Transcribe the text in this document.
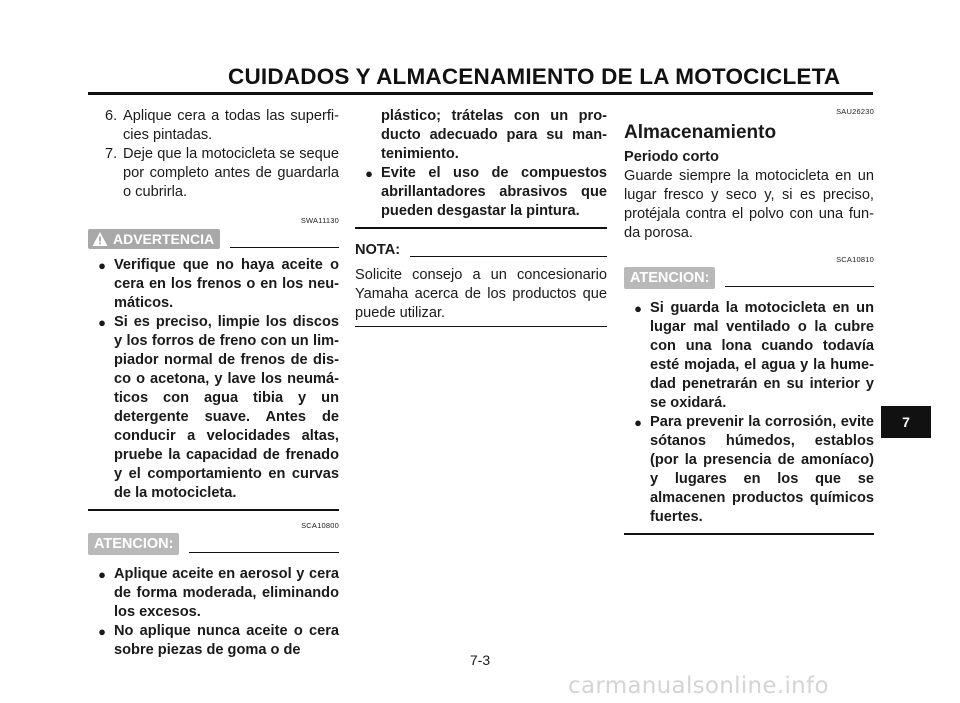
CUIDADOS Y ALMACENAMIENTO DE LA MOTOCICLETA
6. Aplique cera a todas las superficies pintadas.
7. Deje que la motocicleta se seque por completo antes de guardarla o cubrirla.
SWA11130
ADVERTENCIA
● Verifique que no haya aceite o cera en los frenos o en los neumáticos.
● Si es preciso, limpie los discos y los forros de freno con un limpiador normal de frenos de disco o acetona, y lave los neumáticos con agua tibia y un detergente suave. Antes de conducir a velocidades altas, pruebe la capacidad de frenado y el comportamiento en curvas de la motocicleta.
SCA10800
ATENCION:
● Aplique aceite en aerosol y cera de forma moderada, eliminando los excesos.
● No aplique nunca aceite o cera sobre piezas de goma o de
plástico; trátelas con un producto adecuado para su mantenimiento.
● Evite el uso de compuestos abrillantadores abrasivos que pueden desgastar la pintura.
NOTA:

Solicite consejo a un concesionario Yamaha acerca de los productos que puede utilizar.

SAU26230
Almacenamiento
Periodo corto

Guarde siempre la motocicleta en un lugar fresco y seco y, si es preciso, protéjala contra el polvo con una funda porosa.

SCA10810
ATENCION:
● Si guarda la motocicleta en un lugar mal ventilado o la cubre con una lona cuando todavía esté mojada, el agua y la humedad penetrarán en su interior y se oxidará.
● Para prevenir la corrosión, evite sótanos húmedos, establos (por la presencia de amoníaco) y lugares en los que se almacenen productos químicos fuertes.
7-3
7
carmanualsonline.info
